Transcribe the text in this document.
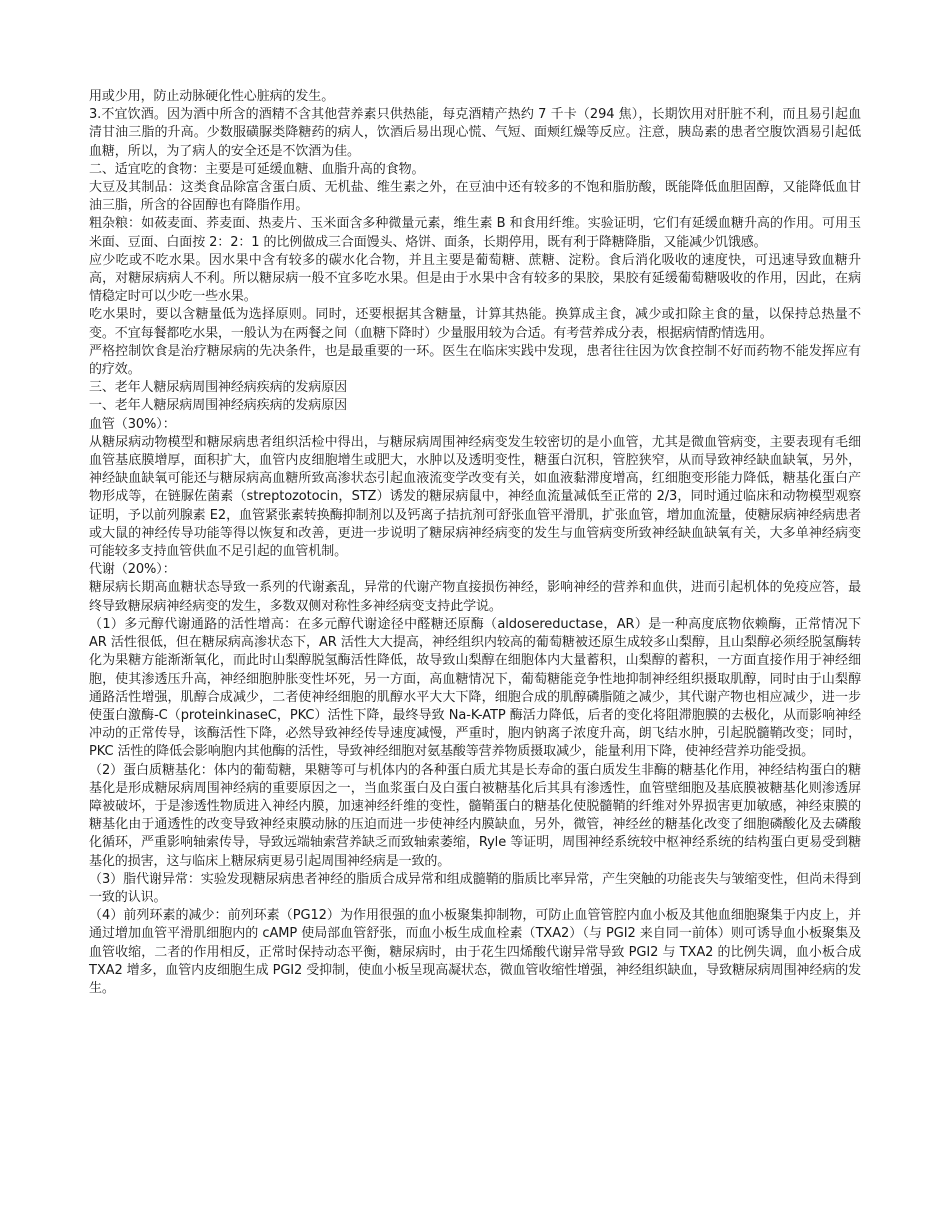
用或少用，防止动脉硬化性心脏病的发生。

3.不宜饮酒。因为酒中所含的酒精不含其他营养素只供热能，每克酒精产热约 7 千卡（294 焦），长期饮用对肝脏不利，而且易引起血清甘油三脂的升高。少数服磺脲类降糖药的病人，饮酒后易出现心慌、气短、面颊红燥等反应。注意，胰岛素的患者空腹饮酒易引起低血糖，所以，为了病人的安全还是不饮酒为佳。

二、适宜吃的食物：主要是可延缓血糖、血脂升高的食物。

大豆及其制品：这类食品除富含蛋白质、无机盐、维生素之外，在豆油中还有较多的不饱和脂肪酸，既能降低血胆固醇，又能降低血甘油三脂，所含的谷固醇也有降脂作用。

粗杂粮：如莜麦面、荞麦面、热麦片、玉米面含多种微量元素，维生素 B 和食用纤维。实验证明，它们有延缓血糖升高的作用。可用玉米面、豆面、白面按 2：2：1 的比例做成三合面馒头、烙饼、面条，长期停用，既有利于降糖降脂，又能减少饥饿感。

应少吃或不吃水果。因水果中含有较多的碳水化合物，并且主要是葡萄糖、蔗糖、淀粉。食后消化吸收的速度快，可迅速导致血糖升高，对糖尿病病人不利。所以糖尿病一般不宜多吃水果。但是由于水果中含有较多的果胶，果胶有延缓葡萄糖吸收的作用，因此，在病情稳定时可以少吃一些水果。

吃水果时，要以含糖量低为选择原则。同时，还要根据其含糖量，计算其热能。换算成主食，减少或扣除主食的量，以保持总热量不变。不宜每餐都吃水果，一般认为在两餐之间（血糖下降时）少量服用较为合适。有考营养成分表，根据病情酌情选用。

严格控制饮食是治疗糖尿病的先决条件，也是最重要的一环。医生在临床实践中发现，患者往往因为饮食控制不好而药物不能发挥应有的疗效。

三、老年人糖尿病周围神经病疾病的发病原因

一、老年人糖尿病周围神经病疾病的发病原因

血管（30%）：

从糖尿病动物模型和糖尿病患者组织活检中得出，与糖尿病周围神经病变发生较密切的是小血管，尤其是微血管病变，主要表现有毛细血管基底膜增厚，面积扩大，血管内皮细胞增生或肥大，水肿以及透明变性，糖蛋白沉积，管腔狭窄，从而导致神经缺血缺氧，另外，神经缺血缺氧可能还与糖尿病高血糖所致高渗状态引起血液流变学改变有关，如血液黏滞度增高，红细胞变形能力降低，糖基化蛋白产物形成等，在链脲佐菌素（streptozotocin，STZ）诱发的糖尿病鼠中，神经血流量减低至正常的 2/3，同时通过临床和动物模型观察证明，予以前列腺素 E2，血管紧张素转换酶抑制剂以及钙离子拮抗剂可舒张血管平滑肌，扩张血管，增加血流量，使糖尿病神经病患者或大鼠的神经传导功能等得以恢复和改善，更进一步说明了糖尿病神经病变的发生与血管病变所致神经缺血缺氧有关，大多单神经病变可能较多支持血管供血不足引起的血管机制。

代谢（20%）：

糖尿病长期高血糖状态导致一系列的代谢紊乱，异常的代谢产物直接损伤神经，影响神经的营养和血供，进而引起机体的免疫应答，最终导致糖尿病神经病变的发生，多数双侧对称性多神经病变支持此学说。

（1）多元醇代谢通路的活性增高：在多元醇代谢途径中醛糖还原酶（aldosereductase，AR）是一种高度底物依赖酶，正常情况下 AR 活性很低，但在糖尿病高渗状态下，AR 活性大大提高，神经组织内较高的葡萄糖被还原生成较多山梨醇，且山梨醇必须经脱氢酶转化为果糖方能渐渐氧化，而此时山梨醇脱氢酶活性降低，故导致山梨醇在细胞体内大量蓄积，山梨醇的蓄积，一方面直接作用于神经细胞，使其渗透压升高，神经细胞肿胀变性坏死，另一方面，高血糖情况下，葡萄糖能竞争性地抑制神经组织摄取肌醇，同时由于山梨醇通路活性增强，肌醇合成减少，二者使神经细胞的肌醇水平大大下降，细胞合成的肌醇磷脂随之减少，其代谢产物也相应减少，进一步使蛋白激酶-C（proteinkinaseC，PKC）活性下降，最终导致 Na-K-ATP 酶活力降低，后者的变化将阻滞胞膜的去极化，从而影响神经冲动的正常传导，该酶活性下降，必然导致神经传导速度减慢，严重时，胞内钠离子浓度升高，朗飞结水肿，引起脱髓鞘改变；同时，PKC 活性的降低会影响胞内其他酶的活性，导致神经细胞对氨基酸等营养物质摄取减少，能量利用下降，使神经营养功能受损。

（2）蛋白质糖基化：体内的葡萄糖，果糖等可与机体内的各种蛋白质尤其是长寿命的蛋白质发生非酶的糖基化作用，神经结构蛋白的糖基化是形成糖尿病周围神经病的重要原因之一，当血浆蛋白及白蛋白被糖基化后其具有渗透性，血管壁细胞及基底膜被糖基化则渗透屏障被破坏，于是渗透性物质进入神经内膜，加速神经纤维的变性，髓鞘蛋白的糖基化使脱髓鞘的纤维对外界损害更加敏感，神经束膜的糖基化由于通透性的改变导致神经束膜动脉的压迫而进一步使神经内膜缺血，另外，微管，神经丝的糖基化改变了细胞磷酸化及去磷酸化循环，严重影响轴索传导，导致远端轴索营养缺乏而致轴索萎缩，Ryle 等证明，周围神经系统较中枢神经系统的结构蛋白更易受到糖基化的损害，这与临床上糖尿病更易引起周围神经病是一致的。

（3）脂代谢异常：实验发现糖尿病患者神经的脂质合成异常和组成髓鞘的脂质比率异常，产生突触的功能丧失与皱缩变性，但尚未得到一致的认识。

（4）前列环素的减少：前列环素（PG12）为作用很强的血小板聚集抑制物，可防止血管管腔内血小板及其他血细胞聚集于内皮上，并通过增加血管平滑肌细胞内的 cAMP 使局部血管舒张，而血小板生成血栓素（TXA2）（与 PGI2 来自同一前体）则可诱导血小板聚集及血管收缩，二者的作用相反，正常时保持动态平衡，糖尿病时，由于花生四烯酸代谢异常导致 PGI2 与 TXA2 的比例失调，血小板合成 TXA2 增多，血管内皮细胞生成 PGI2 受抑制，使血小板呈现高凝状态，微血管收缩性增强，神经组织缺血，导致糖尿病周围神经病的发生。
